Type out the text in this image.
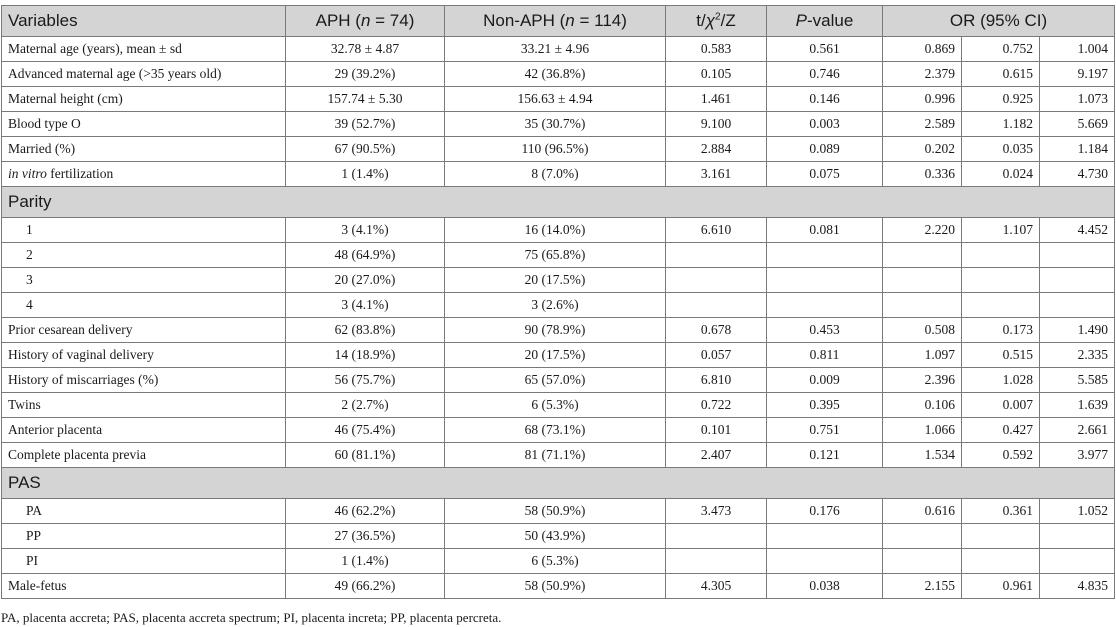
Variables	APH (n = 74)	Non-APH (n = 114)	$t/\chi^2/Z$	P-value	OR (95% CI)		
Maternal age (years), mean ± sd	32.78 ± 4.87	33.21 ± 4.96	0.583	0.561	0.869	0.752	1.004
Advanced maternal age (>35 years old)	29 (39.2%)	42 (36.8%)	0.105	0.746	2.379	0.615	9.197
Maternal height (cm)	157.74 ± 5.30	156.63 ± 4.94	1.461	0.146	0.996	0.925	1.073
Blood type O	39 (52.7%)	35 (30.7%)	9.100	0.003	2.589	1.182	5.669
Married (%)	67 (90.5%)	110 (96.5%)	2.884	0.089	0.202	0.035	1.184
in vitro fertilization	1 (1.4%)	8 (7.0%)	3.161	0.075	0.336	0.024	4.730
Parity							
1	3 (4.1%)	16 (14.0%)	6.610	0.081	2.220	1.107	4.452
2	48 (64.9%)	75 (65.8%)					
3	20 (27.0%)	20 (17.5%)					
4	3 (4.1%)	3 (2.6%)					
Prior cesarean delivery	62 (83.8%)	90 (78.9%)	0.678	0.453	0.508	0.173	1.490
History of vaginal delivery	14 (18.9%)	20 (17.5%)	0.057	0.811	1.097	0.515	2.335
History of miscarriages (%)	56 (75.7%)	65 (57.0%)	6.810	0.009	2.396	1.028	5.585
Twins	2 (2.7%)	6 (5.3%)	0.722	0.395	0.106	0.007	1.639
Anterior placenta	46 (75.4%)	68 (73.1%)	0.101	0.751	1.066	0.427	2.661
Complete placenta previa	60 (81.1%)	81 (71.1%)	2.407	0.121	1.534	0.592	3.977
PAS							
PA	46 (62.2%)	58 (50.9%)	3.473	0.176	0.616	0.361	1.052
PP	27 (36.5%)	50 (43.9%)					
PI	1 (1.4%)	6 (5.3%)					
Male-fetus	49 (66.2%)	58 (50.9%)	4.305	0.038	2.155	0.961	4.835
PA, placenta accreta; PAS, placenta accreta spectrum; PI, placenta increta; PP, placenta percreta.
